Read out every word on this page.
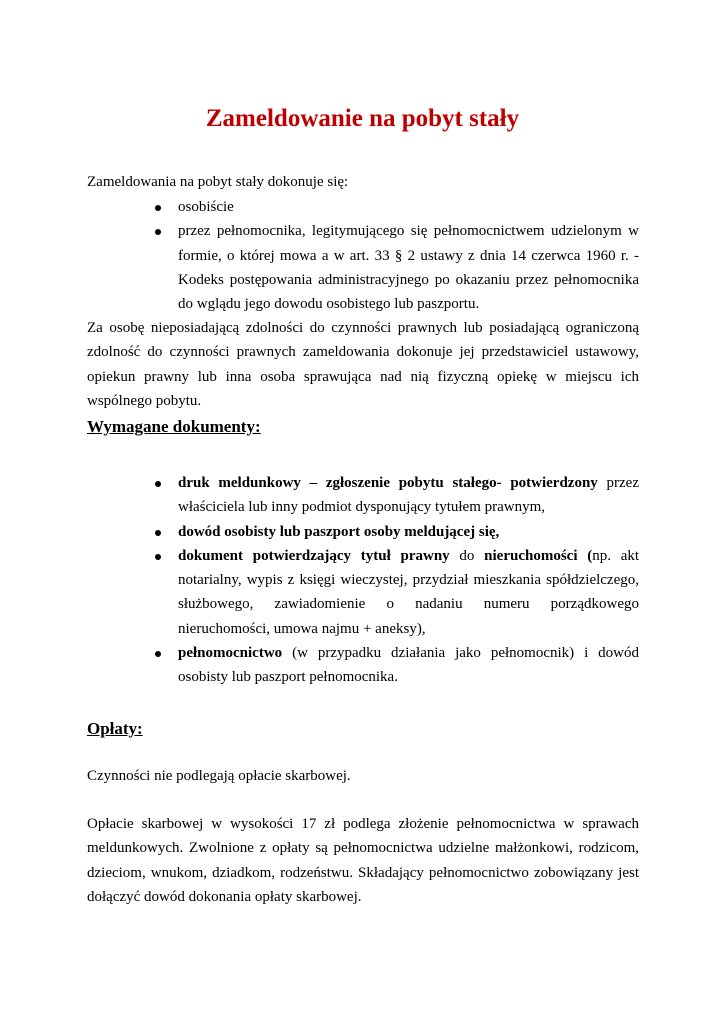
Zameldowanie na pobyt stały

Zameldowania na pobyt stały dokonuje się:

osobiście
przez pełnomocnika, legitymującego się pełnomocnictwem udzielonym w formie, o której mowa a w art. 33 § 2 ustawy z dnia 14 czerwca 1960 r. - Kodeks postępowania administracyjnego po okazaniu przez pełnomocnika do wglądu jego dowodu osobistego lub paszportu.

Za osobę nieposiadającą zdolności do czynności prawnych lub posiadającą ograniczoną zdolność do czynności prawnych zameldowania dokonuje jej przedstawiciel ustawowy, opiekun prawny lub inna osoba sprawująca nad nią fizyczną opiekę w miejscu ich wspólnego pobytu.

Wymagane dokumenty:
druk meldunkowy – zgłoszenie pobytu stałego- potwierdzony przez właściciela lub inny podmiot dysponujący tytułem prawnym,
dowód osobisty lub paszport osoby meldującej się,
dokument potwierdzający tytuł prawny do nieruchomości (np. akt notarialny, wypis z księgi wieczystej, przydział mieszkania spółdzielczego, służbowego, zawiadomienie o nadaniu numeru porządkowego nieruchomości, umowa najmu + aneksy),
pełnomocnictwo (w przypadku działania jako pełnomocnik) i dowód osobisty lub paszport pełnomocnika.
Opłaty:

Czynności nie podlegają opłacie skarbowej.

Opłacie skarbowej w wysokości 17 zł podlega złożenie pełnomocnictwa w sprawach meldunkowych. Zwolnione z opłaty są pełnomocnictwa udzielne małżonkowi, rodzicom, dzieciom, wnukom, dziadkom, rodzeństwu. Składający pełnomocnictwo zobowiązany jest dołączyć dowód dokonania opłaty skarbowej.
